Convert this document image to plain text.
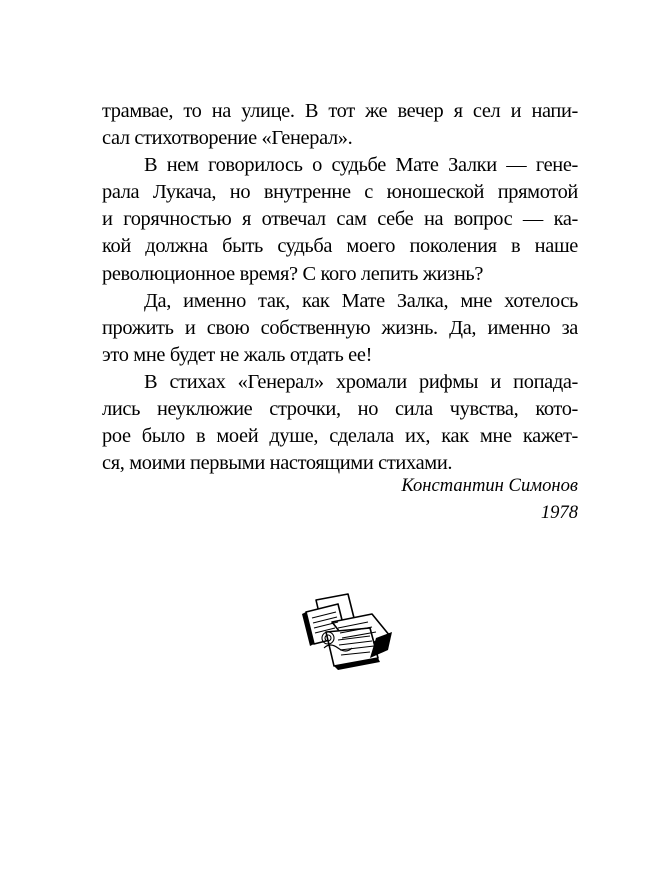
трамвае, то на улице. В тот же вечер я сел и напи-
сал стихотворение «Генерал».

В нем говорилось о судьбе Мате Залки — гене-
рала Лукача, но внутренне с юношеской прямотой
и горячностью я отвечал сам себе на вопрос — ка-
кой должна быть судьба моего поколения в наше
революционное время? С кого лепить жизнь?

Да, именно так, как Мате Залка, мне хотелось
прожить и свою собственную жизнь. Да, именно за
это мне будет не жаль отдать ее!

В стихах «Генерал» хромали рифмы и попада-
лись неуклюжие строчки, но сила чувства, кото-
рое было в моей душе, сделала их, как мне кажет-
ся, моими первыми настоящими стихами.

Константин Симонов
1978
